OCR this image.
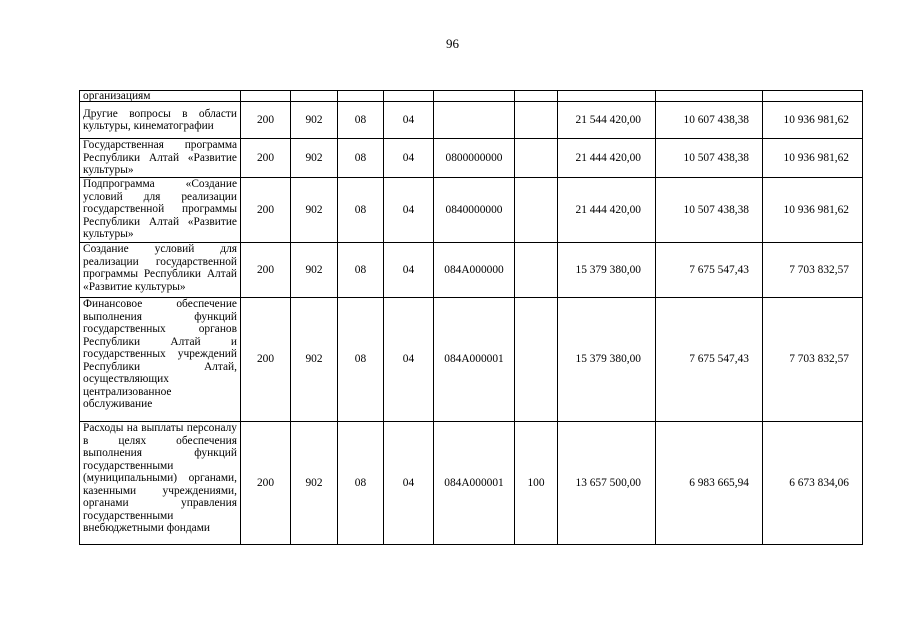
96
организациям									
Другие вопросы в области культуры, кинематографии	200	902	08	04			21 544 420,00	10 607 438,38	10 936 981,62
Государственная программа Республики Алтай «Развитие культуры»	200	902	08	04	0800000000		21 444 420,00	10 507 438,38	10 936 981,62
Подпрограмма «Создание условий для реализации государственной программы Республики Алтай «Развитие культуры»	200	902	08	04	0840000000		21 444 420,00	10 507 438,38	10 936 981,62
Создание условий для реализации государственной программы Республики Алтай «Развитие культуры»	200	902	08	04	084A000000		15 379 380,00	7 675 547,43	7 703 832,57
Финансовое обеспечение выполнения функций государственных органов Республики Алтай и государственных учреждений Республики Алтай, осуществляющих централизованное обслуживание	200	902	08	04	084A000001		15 379 380,00	7 675 547,43	7 703 832,57
Расходы на выплаты персоналу в целях обеспечения выполнения функций государственными (муниципальными) органами, казенными учреждениями, органами управления государственными внебюджетными фондами	200	902	08	04	084A000001	100	13 657 500,00	6 983 665,94	6 673 834,06
